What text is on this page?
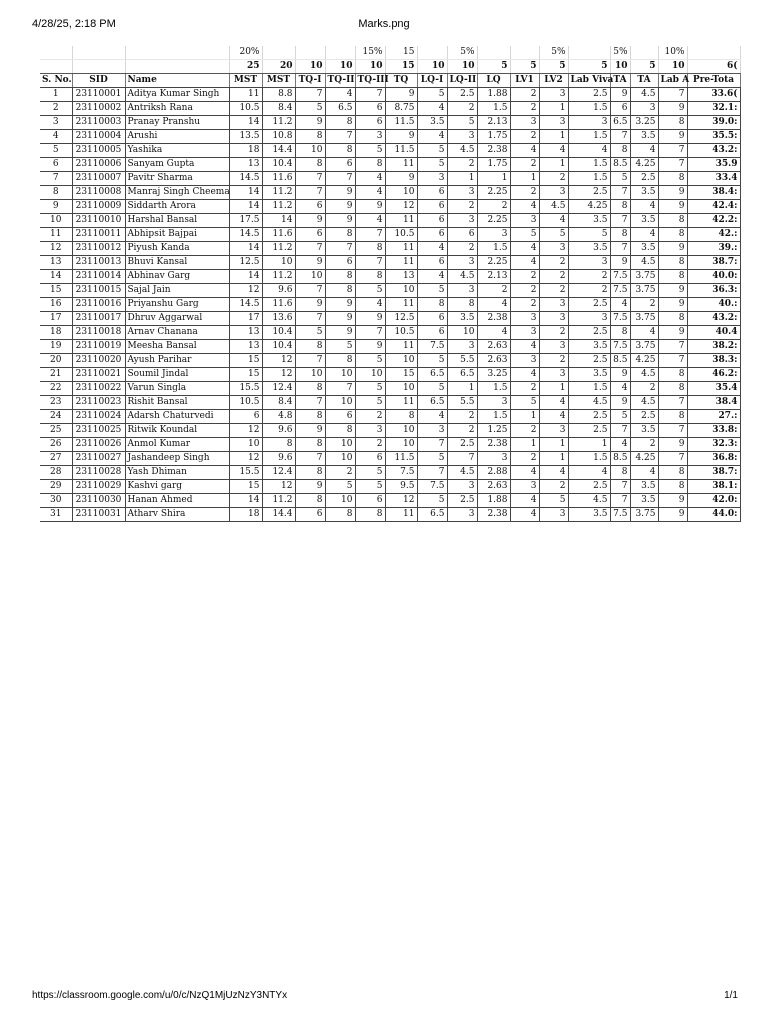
4/28/25, 2:18 PM	Marks.png
			20%				15%	15		5%			5%		5%		10%	
			25	20	10	10	10	15	10	10	5	5	5	5	10	5	10	6(
S. No.	SID	Name	MST	MST	TQ-I	TQ-II	TQ-III	TQ	LQ-I	LQ-II	LQ	LV1	LV2	Lab Viva	TA	TA	Lab A	Pre-Tota
1	23110001	Aditya Kumar Singh	11	8.8	7	4	7	9	5	2.5	1.88	2	3	2.5	9	4.5	7	33.6(
2	23110002	Antriksh Rana	10.5	8.4	5	6.5	6	8.75	4	2	1.5	2	1	1.5	6	3	9	32.1:
3	23110003	Pranay Pranshu	14	11.2	9	8	6	11.5	3.5	5	2.13	3	3	3	6.5	3.25	8	39.0:
4	23110004	Arushi	13.5	10.8	8	7	3	9	4	3	1.75	2	1	1.5	7	3.5	9	35.5:
5	23110005	Yashika	18	14.4	10	8	5	11.5	5	4.5	2.38	4	4	4	8	4	7	43.2:
6	23110006	Sanyam Gupta	13	10.4	8	6	8	11	5	2	1.75	2	1	1.5	8.5	4.25	7	35.9
7	23110007	Pavitr Sharma	14.5	11.6	7	7	4	9	3	1	1	1	2	1.5	5	2.5	8	33.4
8	23110008	Manraj Singh Cheema	14	11.2	7	9	4	10	6	3	2.25	2	3	2.5	7	3.5	9	38.4:
9	23110009	Siddarth Arora	14	11.2	6	9	9	12	6	2	2	4	4.5	4.25	8	4	9	42.4:
10	23110010	Harshal Bansal	17.5	14	9	9	4	11	6	3	2.25	3	4	3.5	7	3.5	8	42.2:
11	23110011	Abhipsit Bajpai	14.5	11.6	6	8	7	10.5	6	6	3	5	5	5	8	4	8	42.:
12	23110012	Piyush Kanda	14	11.2	7	7	8	11	4	2	1.5	4	3	3.5	7	3.5	9	39.:
13	23110013	Bhuvi Kansal	12.5	10	9	6	7	11	6	3	2.25	4	2	3	9	4.5	8	38.7:
14	23110014	Abhinav Garg	14	11.2	10	8	8	13	4	4.5	2.13	2	2	2	7.5	3.75	8	40.0:
15	23110015	Sajal Jain	12	9.6	7	8	5	10	5	3	2	2	2	2	7.5	3.75	9	36.3:
16	23110016	Priyanshu Garg	14.5	11.6	9	9	4	11	8	8	4	2	3	2.5	4	2	9	40.:
17	23110017	Dhruv Aggarwal	17	13.6	7	9	9	12.5	6	3.5	2.38	3	3	3	7.5	3.75	8	43.2:
18	23110018	Arnav Chanana	13	10.4	5	9	7	10.5	6	10	4	3	2	2.5	8	4	9	40.4
19	23110019	Meesha Bansal	13	10.4	8	5	9	11	7.5	3	2.63	4	3	3.5	7.5	3.75	7	38.2:
20	23110020	Ayush Parihar	15	12	7	8	5	10	5	5.5	2.63	3	2	2.5	8.5	4.25	7	38.3:
21	23110021	Soumil Jindal	15	12	10	10	10	15	6.5	6.5	3.25	4	3	3.5	9	4.5	8	46.2:
22	23110022	Varun Singla	15.5	12.4	8	7	5	10	5	1	1.5	2	1	1.5	4	2	8	35.4
23	23110023	Rishit Bansal	10.5	8.4	7	10	5	11	6.5	5.5	3	5	4	4.5	9	4.5	7	38.4
24	23110024	Adarsh Chaturvedi	6	4.8	8	6	2	8	4	2	1.5	1	4	2.5	5	2.5	8	27.:
25	23110025	Ritwik Koundal	12	9.6	9	8	3	10	3	2	1.25	2	3	2.5	7	3.5	7	33.8:
26	23110026	Anmol Kumar	10	8	8	10	2	10	7	2.5	2.38	1	1	1	4	2	9	32.3:
27	23110027	Jashandeep Singh	12	9.6	7	10	6	11.5	5	7	3	2	1	1.5	8.5	4.25	7	36.8:
28	23110028	Yash Dhiman	15.5	12.4	8	2	5	7.5	7	4.5	2.88	4	4	4	8	4	8	38.7:
29	23110029	Kashvi garg	15	12	9	5	5	9.5	7.5	3	2.63	3	2	2.5	7	3.5	8	38.1:
30	23110030	Hanan Ahmed	14	11.2	8	10	6	12	5	2.5	1.88	4	5	4.5	7	3.5	9	42.0:
31	23110031	Atharv Shira	18	14.4	6	8	8	11	6.5	3	2.38	4	3	3.5	7.5	3.75	9	44.0:
https://classroom.google.com/u/0/c/NzQ1MjUzNzY3NTYx	1/1
